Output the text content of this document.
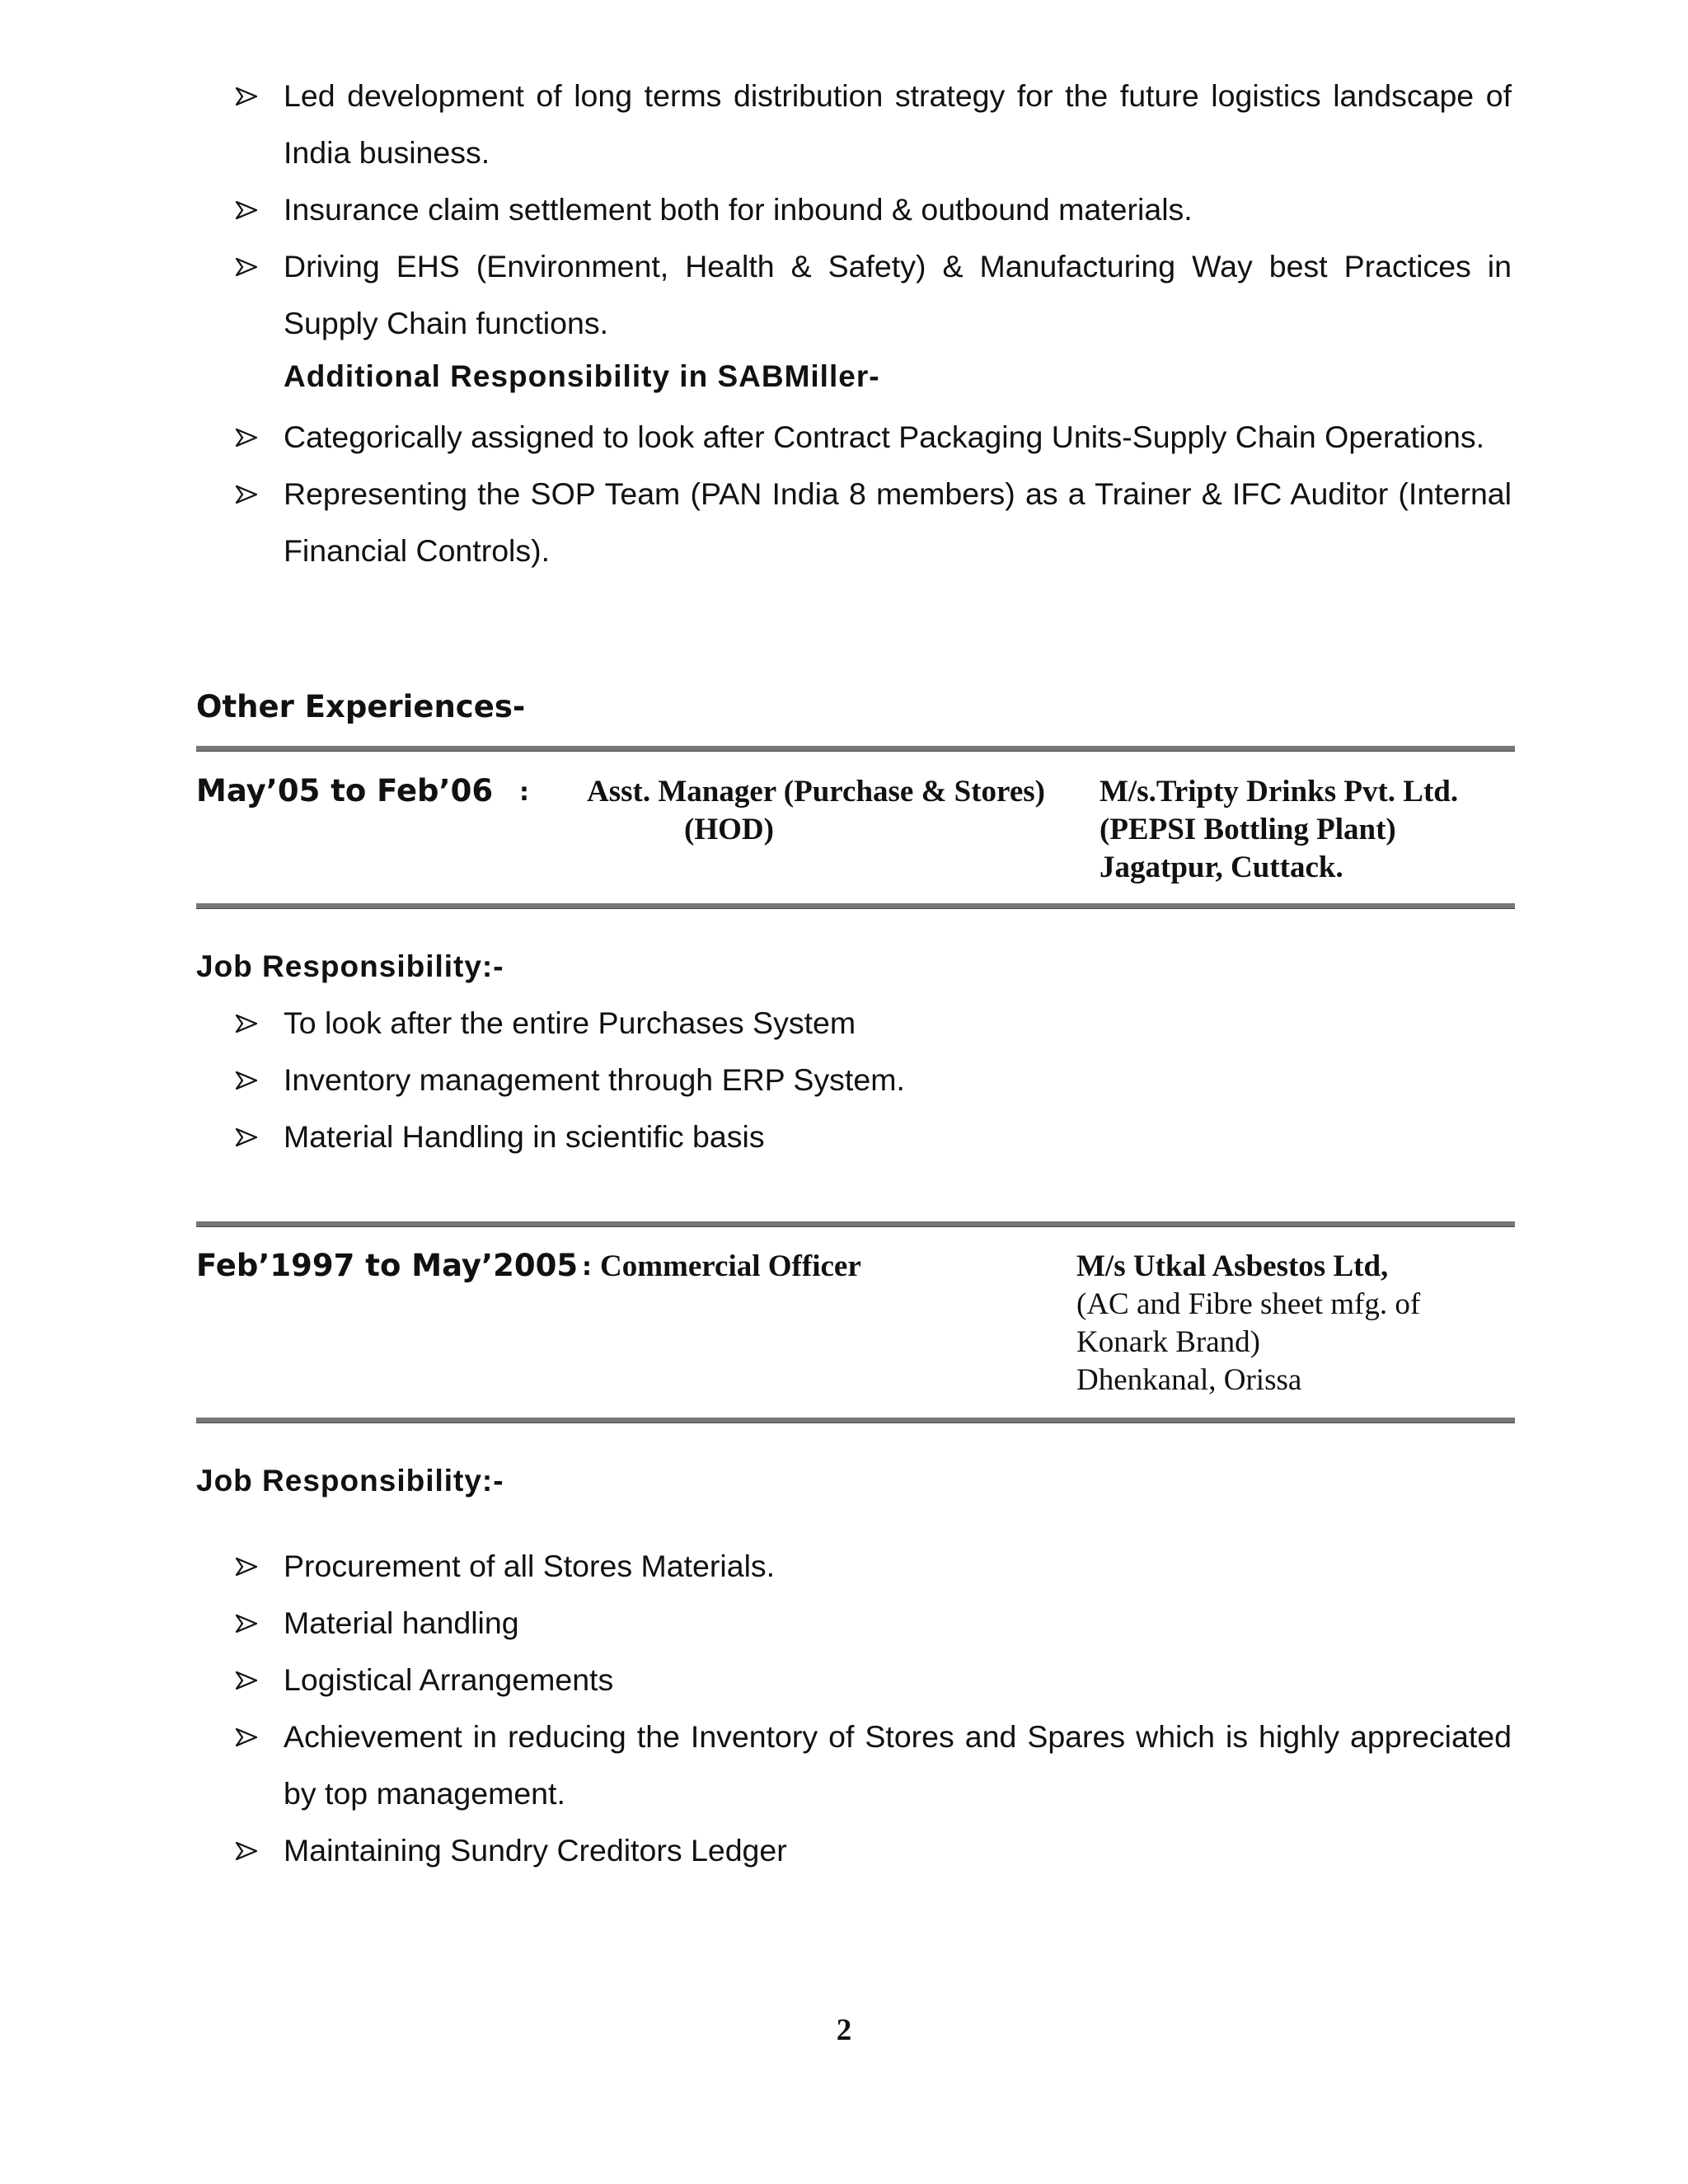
Led development of long terms distribution strategy for the future logistics landscape of India business.
Insurance claim settlement both for inbound & outbound materials.
Driving EHS (Environment, Health & Safety) & Manufacturing Way best Practices in Supply Chain functions.
Additional Responsibility in SABMiller-
Categorically assigned to look after Contract Packaging Units-Supply Chain Operations.
Representing the SOP Team (PAN India 8 members) as a Trainer & IFC Auditor (Internal Financial Controls).
Other Experiences-
May’05 to Feb’06 : Asst. Manager (Purchase & Stores)
(HOD)
M/s.Tripty Drinks Pvt. Ltd.
(PEPSI Bottling Plant)
Jagatpur, Cuttack.
Job Responsibility:-
To look after the entire Purchases System
Inventory management through ERP System.
Material Handling in scientific basis
Feb’1997 to May’2005 : Commercial Officer	M/s Utkal Asbestos Ltd,
(AC and Fibre sheet mfg. of
Konark Brand)
Dhenkanal, Orissa
Job Responsibility:-
Procurement of all Stores Materials.
Material handling
Logistical Arrangements
Achievement in reducing the Inventory of Stores and Spares which is highly appreciated by top management.
Maintaining Sundry Creditors Ledger
2
